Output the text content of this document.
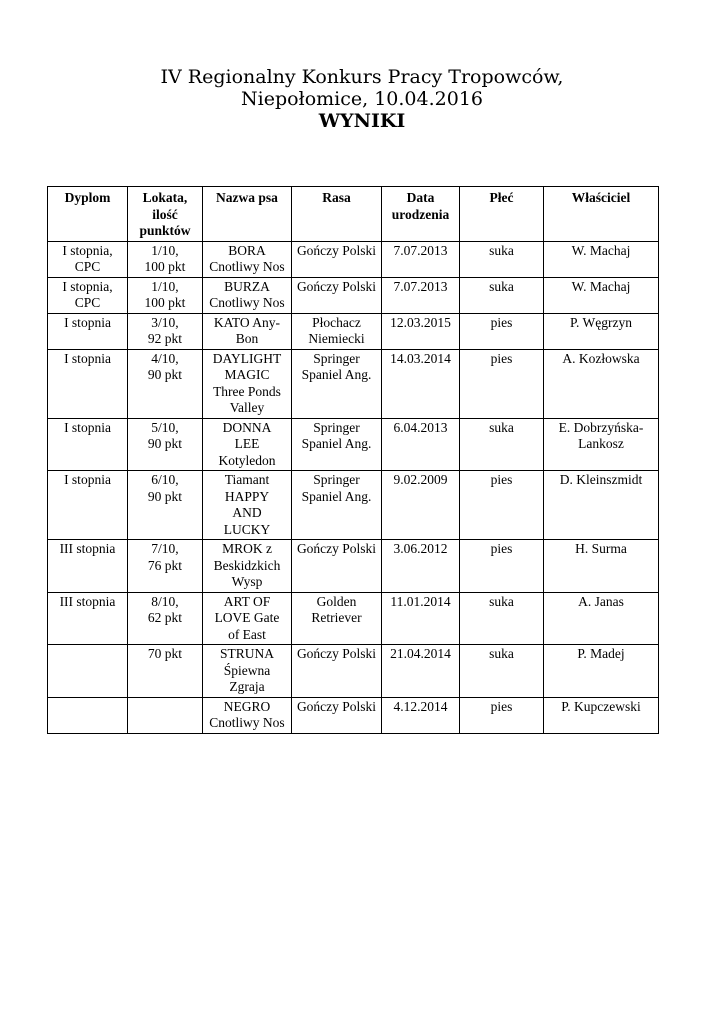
IV Regionalny Konkurs Pracy Tropowców,
Niepołomice, 10.04.2016
WYNIKI
Dyplom	Lokata,
ilość
punktów	Nazwa psa	Rasa	Data
urodzenia	Płeć	Właściciel

I stopnia,
CPC	1/10,
100 pkt	BORA
Cnotliwy Nos	Gończy Polski	7.07.2013	suka	W. Machaj

I stopnia,
CPC	1/10,
100 pkt	BURZA
Cnotliwy Nos	Gończy Polski	7.07.2013	suka	W. Machaj

I stopnia	3/10,
92 pkt	KATO Any-
Bon	Płochacz
Niemiecki	12.03.2015	pies	P. Węgrzyn

I stopnia	4/10,
90 pkt	DAYLIGHT
MAGIC
Three Ponds
Valley	Springer
Spaniel Ang.	14.03.2014	pies	A. Kozłowska

I stopnia	5/10,
90 pkt	DONNA
LEE
Kotyledon	Springer
Spaniel Ang.	6.04.2013	suka	E. Dobrzyńska-
Lankosz

I stopnia	6/10,
90 pkt	Tiamant
HAPPY
AND
LUCKY	Springer
Spaniel Ang.	9.02.2009	pies	D. Kleinszmidt

III stopnia	7/10,
76 pkt	MROK z
Beskidzkich
Wysp	Gończy Polski	3.06.2012	pies	H. Surma

III stopnia	8/10,
62 pkt	ART OF
LOVE Gate
of East	Golden
Retriever	11.01.2014	suka	A. Janas

	70 pkt	STRUNA
Śpiewna
Zgraja	Gończy Polski	21.04.2014	suka	P. Madej

		NEGRO
Cnotliwy Nos	Gończy Polski	4.12.2014	pies	P. Kupczewski
